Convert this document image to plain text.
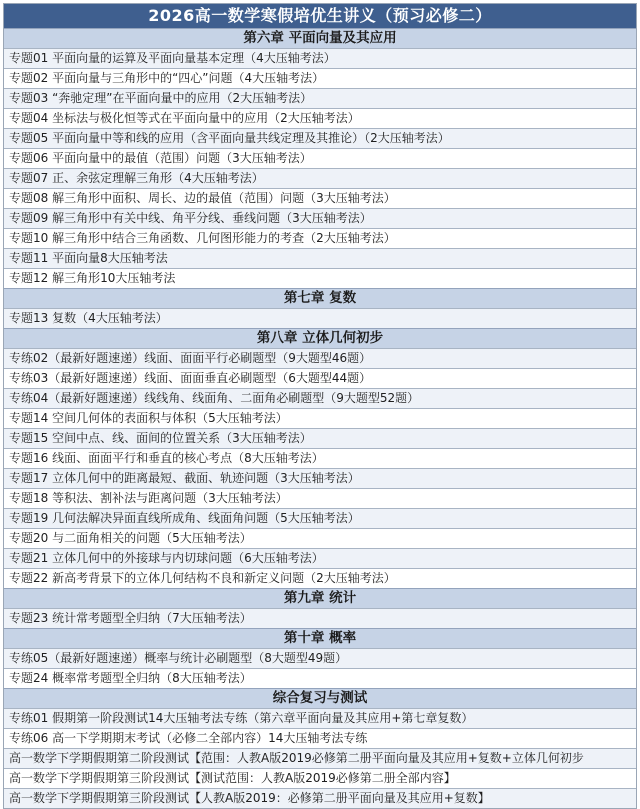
2026高一数学寒假培优生讲义（预习必修二）
第六章 平面向量及其应用
专题01 平面向量的运算及平面向量基本定理（4大压轴考法）
专题02 平面向量与三角形中的“四心”问题（4大压轴考法）
专题03 “奔驰定理”在平面向量中的应用（2大压轴考法）
专题04 坐标法与极化恒等式在平面向量中的应用（2大压轴考法）
专题05 平面向量中等和线的应用（含平面向量共线定理及其推论）（2大压轴考法）
专题06 平面向量中的最值（范围）问题（3大压轴考法）
专题07 正、余弦定理解三角形（4大压轴考法）
专题08 解三角形中面积、周长、边的最值（范围）问题（3大压轴考法）
专题09 解三角形中有关中线、角平分线、垂线问题（3大压轴考法）
专题10 解三角形中结合三角函数、几何图形能力的考查（2大压轴考法）
专题11 平面向量8大压轴考法
专题12 解三角形10大压轴考法
第七章 复数
专题13 复数（4大压轴考法）
第八章 立体几何初步
专练02（最新好题速递）线面、面面平行必刷题型（9大题型46题）
专练03（最新好题速递）线面、面面垂直必刷题型（6大题型44题）
专练04（最新好题速递）线线角、线面角、二面角必刷题型（9大题型52题）
专题14 空间几何体的表面积与体积（5大压轴考法）
专题15 空间中点、线、面间的位置关系（3大压轴考法）
专题16 线面、面面平行和垂直的核心考点（8大压轴考法）
专题17 立体几何中的距离最短、截面、轨迹问题（3大压轴考法）
专题18 等积法、割补法与距离问题（3大压轴考法）
专题19 几何法解决异面直线所成角、线面角问题（5大压轴考法）
专题20 与二面角相关的问题（5大压轴考法）
专题21 立体几何中的外接球与内切球问题（6大压轴考法）
专题22 新高考背景下的立体几何结构不良和新定义问题（2大压轴考法）
第九章 统计
专题23 统计常考题型全归纳（7大压轴考法）
第十章 概率
专练05（最新好题速递）概率与统计必刷题型（8大题型49题）
专题24 概率常考题型全归纳（8大压轴考法）
综合复习与测试
专练01 假期第一阶段测试14大压轴考法专练（第六章平面向量及其应用+第七章复数）
专练06 高一下学期期末考试（必修二全部内容）14大压轴考法专练
高一数学下学期假期第二阶段测试【范围：人教A版2019必修第二册平面向量及其应用+复数+立体几何初步
高一数学下学期假期第三阶段测试【测试范围：人教A版2019必修第二册全部内容】
高一数学下学期假期第三阶段测试【人教A版2019：必修第二册平面向量及其应用+复数】
